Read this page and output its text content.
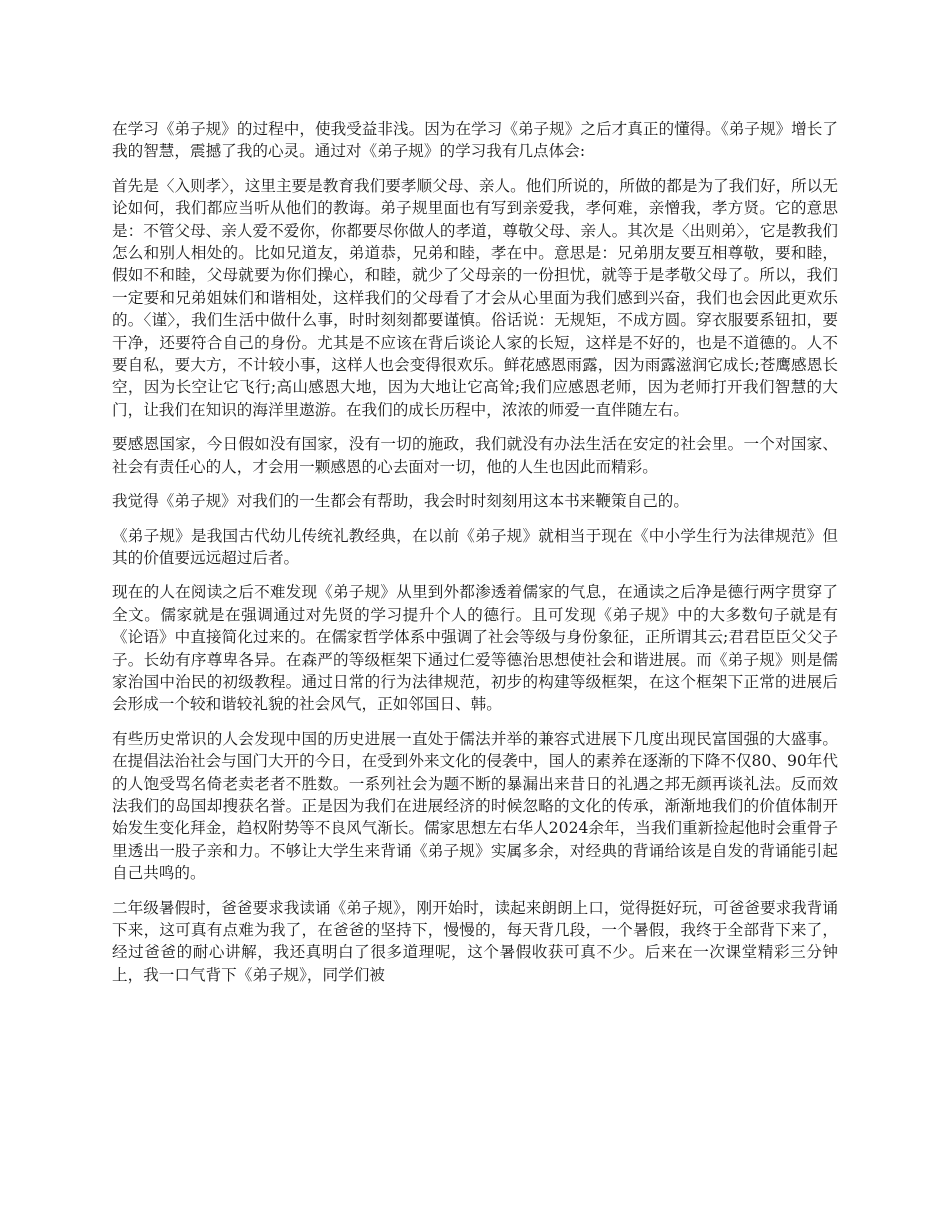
在学习《弟子规》的过程中，使我受益非浅。因为在学习《弟子规》之后才真正的懂得。《弟子规》增长了我的智慧，震撼了我的心灵。通过对《弟子规》的学习我有几点体会:

首先是〈入则孝〉，这里主要是教育我们要孝顺父母、亲人。他们所说的，所做的都是为了我们好，所以无论如何，我们都应当听从他们的教诲。弟子规里面也有写到亲爱我，孝何难，亲憎我，孝方贤。它的意思是：不管父母、亲人爱不爱你，你都要尽你做人的孝道，尊敬父母、亲人。其次是〈出则弟〉，它是教我们怎么和别人相处的。比如兄道友，弟道恭，兄弟和睦，孝在中。意思是：兄弟朋友要互相尊敬，要和睦，假如不和睦，父母就要为你们操心，和睦，就少了父母亲的一份担忧，就等于是孝敬父母了。所以，我们一定要和兄弟姐妹们和谐相处，这样我们的父母看了才会从心里面为我们感到兴奋，我们也会因此更欢乐的。〈谨〉，我们生活中做什么事，时时刻刻都要谨慎。俗话说：无规矩，不成方圆。穿衣服要系钮扣，要干净，还要符合自己的身份。尤其是不应该在背后谈论人家的长短，这样是不好的，也是不道德的。人不要自私，要大方，不计较小事，这样人也会变得很欢乐。鲜花感恩雨露，因为雨露滋润它成长;苍鹰感恩长空，因为长空让它飞行;高山感恩大地，因为大地让它高耸;我们应感恩老师，因为老师打开我们智慧的大门，让我们在知识的海洋里遨游。在我们的成长历程中，浓浓的师爱一直伴随左右。

要感恩国家，今日假如没有国家，没有一切的施政，我们就没有办法生活在安定的社会里。一个对国家、社会有责任心的人，才会用一颗感恩的心去面对一切，他的人生也因此而精彩。

我觉得《弟子规》对我们的一生都会有帮助，我会时时刻刻用这本书来鞭策自己的。

《弟子规》是我国古代幼儿传统礼教经典，在以前《弟子规》就相当于现在《中小学生行为法律规范》但其的价值要远远超过后者。

现在的人在阅读之后不难发现《弟子规》从里到外都渗透着儒家的气息，在通读之后净是德行两字贯穿了全文。儒家就是在强调通过对先贤的学习提升个人的德行。且可发现《弟子规》中的大多数句子就是有《论语》中直接简化过来的。在儒家哲学体系中强调了社会等级与身份象征，正所谓其云;君君臣臣父父子子。长幼有序尊卑各异。在森严的等级框架下通过仁爱等德治思想使社会和谐进展。而《弟子规》则是儒家治国中治民的初级教程。通过日常的行为法律规范，初步的构建等级框架，在这个框架下正常的进展后会形成一个较和谐较礼貌的社会风气，正如邻国日、韩。

有些历史常识的人会发现中国的历史进展一直处于儒法并举的兼容式进展下几度出现民富国强的大盛事。在提倡法治社会与国门大开的今日，在受到外来文化的侵袭中，国人的素养在逐渐的下降不仅80、90年代的人饱受骂名倚老卖老者不胜数。一系列社会为题不断的暴漏出来昔日的礼遇之邦无颜再谈礼法。反而效法我们的岛国却搜获名誉。正是因为我们在进展经济的时候忽略的文化的传承，渐渐地我们的价值体制开始发生变化拜金，趋权附势等不良风气渐长。儒家思想左右华人2024余年，当我们重新捡起他时会重骨子里透出一股子亲和力。不够让大学生来背诵《弟子规》实属多余，对经典的背诵给该是自发的背诵能引起自己共鸣的。

二年级暑假时，爸爸要求我读诵《弟子规》，刚开始时，读起来朗朗上口，觉得挺好玩，可爸爸要求我背诵下来，这可真有点难为我了，在爸爸的坚持下，慢慢的，每天背几段，一个暑假，我终于全部背下来了，经过爸爸的耐心讲解，我还真明白了很多道理呢，这个暑假收获可真不少。后来在一次课堂精彩三分钟上，我一口气背下《弟子规》，同学们被
